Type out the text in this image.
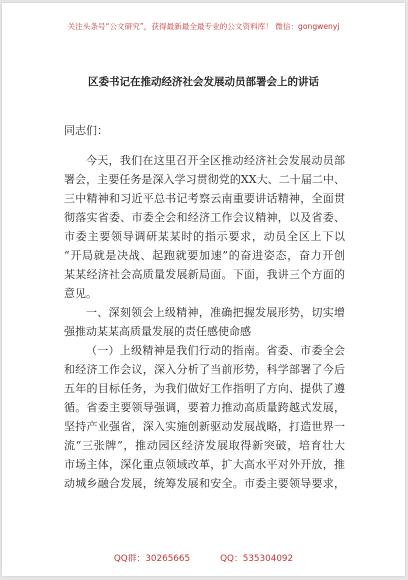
关注头条号“公文研究”，获得最新最全最专业的公文资料库！ 微信：gongwenyj
区委书记在推动经济社会发展动员部署会上的讲话
同志们：
今天，我们在这里召开全区推动经济社会发展动员部
署会，主要任务是深入学习贯彻党的XX大、二十届二中、
三中精神和习近平总书记考察云南重要讲话精神，全面贯
彻落实省委、市委全会和经济工作会议精神，以及省委、
市委主要领导调研某某时的指示要求，动员全区上下以
“开局就是决战、起跑就要加速”的奋进姿态，奋力开创
某某经济社会高质量发展新局面。下面，我讲三个方面的
意见。
一、深刻领会上级精神，准确把握发展形势，切实增
强推动某某高质量发展的责任感使命感
（一）上级精神是我们行动的指南。省委、市委全会
和经济工作会议，深入分析了当前形势，科学部署了今后
五年的目标任务，为我们做好工作指明了方向、提供了遵
循。省委主要领导强调，要着力推动高质量跨越式发展，
坚持产业强省，深入实施创新驱动发展战略，打造世界一
流“三张牌”，推动园区经济发展取得新突破，培育壮大
市场主体，深化重点领域改革，扩大高水平对外开放，推
动城乡融合发展，统筹发展和安全。市委主要领导要求，
QQ群：30265665	QQ：535304092
